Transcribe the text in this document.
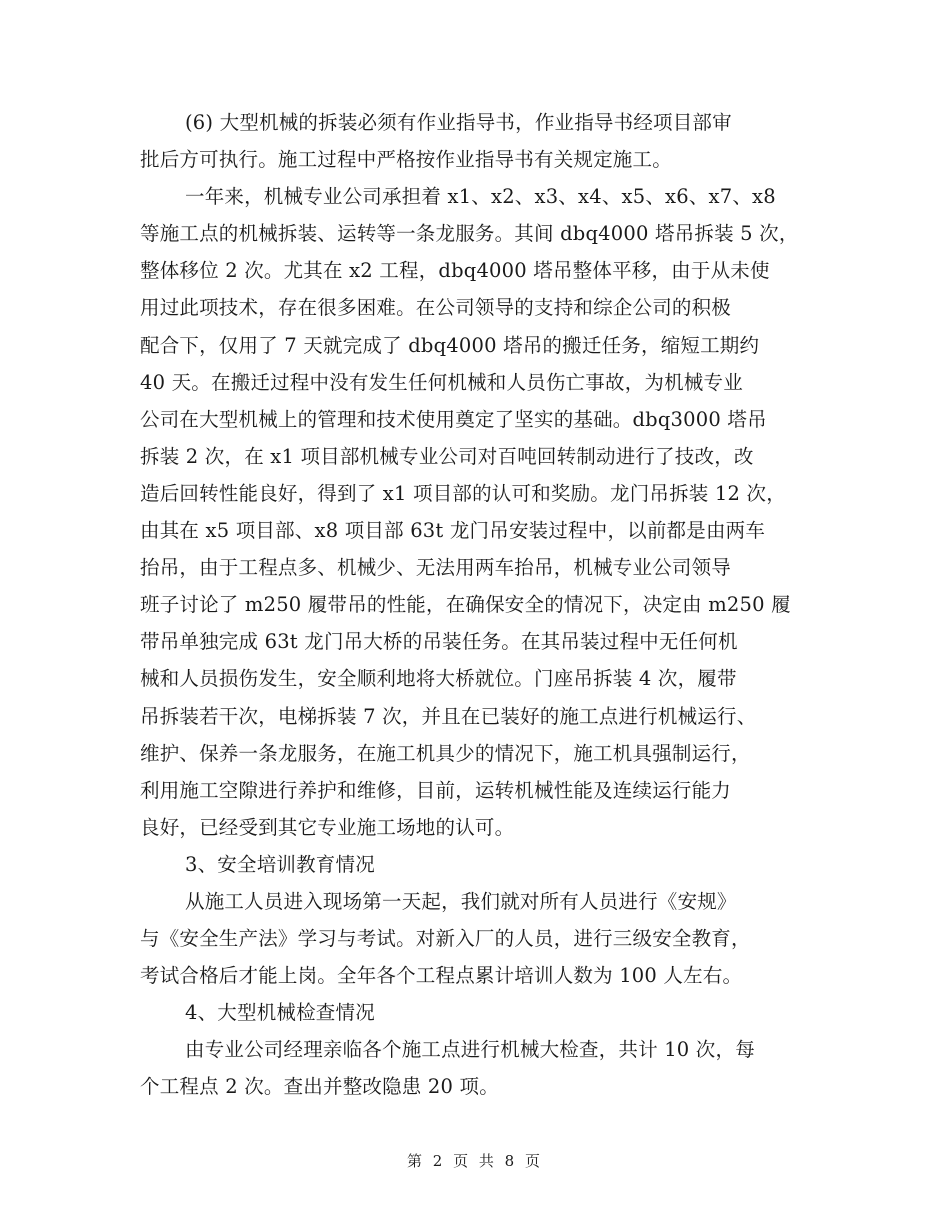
(6) 大型机械的拆装必须有作业指导书，作业指导书经项目部审
批后方可执行。施工过程中严格按作业指导书有关规定施工。
一年来，机械专业公司承担着 x1、x2、x3、x4、x5、x6、x7、x8
等施工点的机械拆装、运转等一条龙服务。其间 dbq4000 塔吊拆装 5 次，
整体移位 2 次。尤其在 x2 工程，dbq4000 塔吊整体平移，由于从未使
用过此项技术，存在很多困难。在公司领导的支持和综企公司的积极
配合下，仅用了 7 天就完成了 dbq4000 塔吊的搬迁任务，缩短工期约
40 天。在搬迁过程中没有发生任何机械和人员伤亡事故，为机械专业
公司在大型机械上的管理和技术使用奠定了坚实的基础。dbq3000 塔吊
拆装 2 次，在 x1 项目部机械专业公司对百吨回转制动进行了技改，改
造后回转性能良好，得到了 x1 项目部的认可和奖励。龙门吊拆装 12 次，
由其在 x5 项目部、x8 项目部 63t 龙门吊安装过程中，以前都是由两车
抬吊，由于工程点多、机械少、无法用两车抬吊，机械专业公司领导
班子讨论了 m250 履带吊的性能，在确保安全的情况下，决定由 m250 履
带吊单独完成 63t 龙门吊大桥的吊装任务。在其吊装过程中无任何机
械和人员损伤发生，安全顺利地将大桥就位。门座吊拆装 4 次，履带
吊拆装若干次，电梯拆装 7 次，并且在已装好的施工点进行机械运行、
维护、保养一条龙服务，在施工机具少的情况下，施工机具强制运行，
利用施工空隙进行养护和维修，目前，运转机械性能及连续运行能力
良好，已经受到其它专业施工场地的认可。
3、安全培训教育情况
从施工人员进入现场第一天起，我们就对所有人员进行《安规》
与《安全生产法》学习与考试。对新入厂的人员，进行三级安全教育，
考试合格后才能上岗。全年各个工程点累计培训人数为 100 人左右。
4、大型机械检查情况
由专业公司经理亲临各个施工点进行机械大检查，共计 10 次，每
个工程点 2 次。查出并整改隐患 20 项。
第 2 页 共 8 页
